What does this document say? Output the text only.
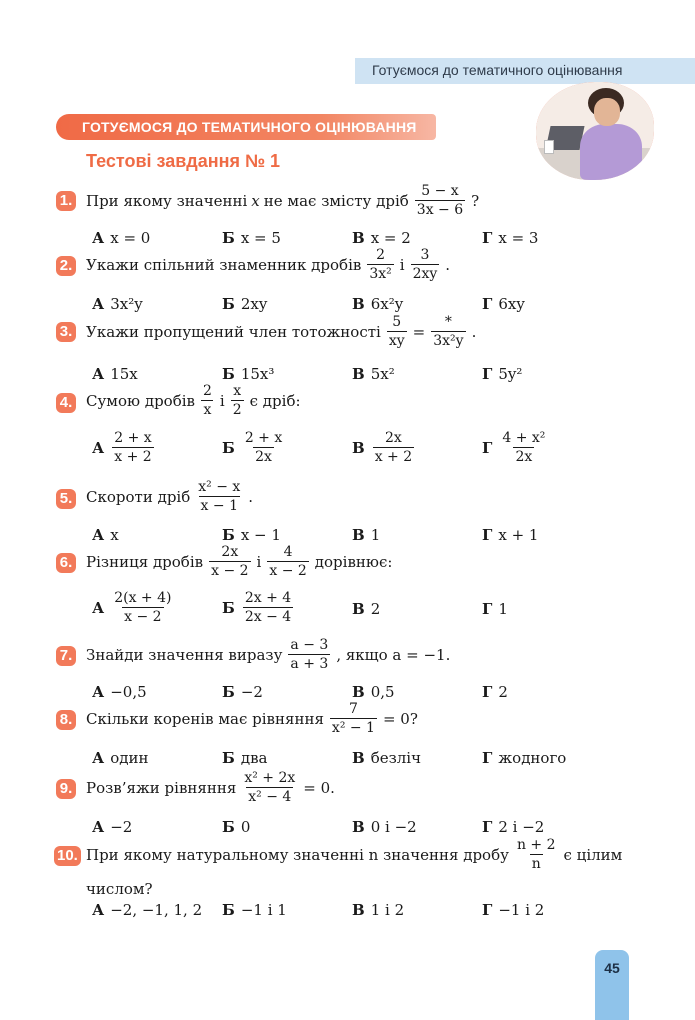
Готуємося до тематичного оцінювання
ГОТУЄМОСЯ ДО ТЕМАТИЧНОГО ОЦІНЮВАННЯ
Тестові завдання № 1
1. При якому значенні x не має змісту дріб $\frac{5 - x}{3x - 6}$ ?
А x = 0	Б x = 5	В x = 2	Г x = 3
2. Укажи спільний знаменник дробів $\frac{2}{\text{3x²}}$ і $\frac{3}{2xy}$ .
А 3x²y	Б 2xy	В 6x²y	Г 6xy
3. Укажи пропущений член тотожності $\frac{5}{xy} = \frac{*}{\text{3x²y}}$ .
А 15x	Б 15x³	В 5x²	Г 5y²
4. Сумою дробів $\frac{2}{x}$ і $\frac{x}{2}$ є дріб:
А $\frac{2 + x}{x + 2}$	Б $\frac{2 + x}{2x}$	В $\frac{2x}{x + 2}$	Г $\frac{\text{4 + x²}}{2x}$
5. Скороти дріб $\frac{\text{x² − x}}{x - 1}$ .
А x	Б x − 1	В 1	Г x + 1
6. Різниця дробів $\frac{2x}{x - 2}$ і $\frac{4}{x - 2}$ дорівнює:
А $\frac{2(x + 4)}{x - 2}$	Б $\frac{2x + 4}{2x - 4}$	В 2	Г 1
7. Знайди значення виразу $\frac{a - 3}{a + 3}$ , якщо a = −1.
А −0,5	Б −2	В 0,5	Г 2
8. Скільки коренів має рівняння $\frac{7}{\text{x² − 1}} = 0$?
А один	Б два	В безліч	Г жодного
9. Розв’яжи рівняння $\frac{\text{x² + 2x}}{\text{x² − 4}} = 0$.
А −2	Б 0	В 0 і −2	Г 2 і −2
10. При якому натуральному значенні n значення дробу $\frac{n + 2}{n}$ є цілим
числом?
А −2, −1, 1, 2 Б −1 і 1	В 1 і 2	Г −1 і 2
45
